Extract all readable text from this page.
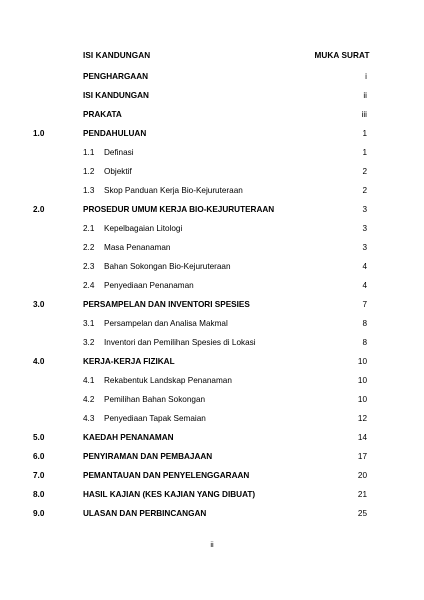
ISI KANDUNGAN	MUKA SURAT
PENGHARGAAN	i
ISI KANDUNGAN	ii
PRAKATA	iii
1.0	PENDAHULUAN	1
1.1 Definasi	1
1.2 Objektif	2
1.3 Skop Panduan Kerja Bio-Kejuruteraan	2
2.0	PROSEDUR UMUM KERJA BIO-KEJURUTERAAN	3
2.1 Kepelbagaian Litologi	3
2.2 Masa Penanaman	3
2.3 Bahan Sokongan Bio-Kejuruteraan	4
2.4 Penyediaan Penanaman	4
3.0	PERSAMPELAN DAN INVENTORI SPESIES	7
3.1 Persampelan dan Analisa Makmal	8
3.2 Inventori dan Pemilihan Spesies di Lokasi	8
4.0	KERJA-KERJA FIZIKAL	10
4.1 Rekabentuk Landskap Penanaman	10
4.2 Pemilihan Bahan Sokongan	10
4.3 Penyediaan Tapak Semaian	12
5.0	KAEDAH PENANAMAN	14
6.0	PENYIRAMAN DAN PEMBAJAAN	17
7.0	PEMANTAUAN DAN PENYELENGGARAAN	20
8.0	HASIL KAJIAN (KES KAJIAN YANG DIBUAT)	21
9.0	ULASAN DAN PERBINCANGAN	25
ii
